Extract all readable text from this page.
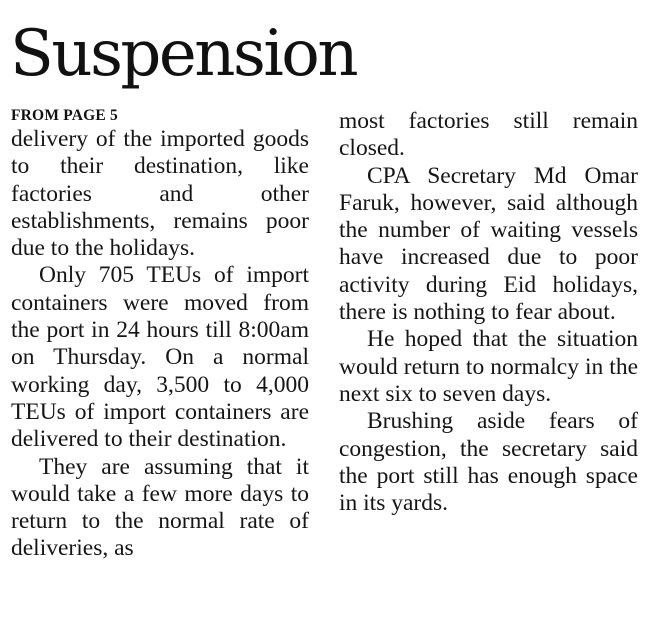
Suspension
FROM PAGE 5

delivery of the imported goods to their destination, like factories and other establishments, remains poor due to the holidays.

Only 705 TEUs of import containers were moved from the port in 24 hours till 8:00am on Thursday. On a normal working day, 3,500 to 4,000 TEUs of import containers are delivered to their destination.

They are assuming that it would take a few more days to return to the normal rate of deliveries, as

most factories still remain closed.

CPA Secretary Md Omar Faruk, however, said although the number of waiting vessels have increased due to poor activity during Eid holidays, there is nothing to fear about.

He hoped that the situation would return to normalcy in the next six to seven days.

Brushing aside fears of congestion, the secretary said the port still has enough space in its yards.
